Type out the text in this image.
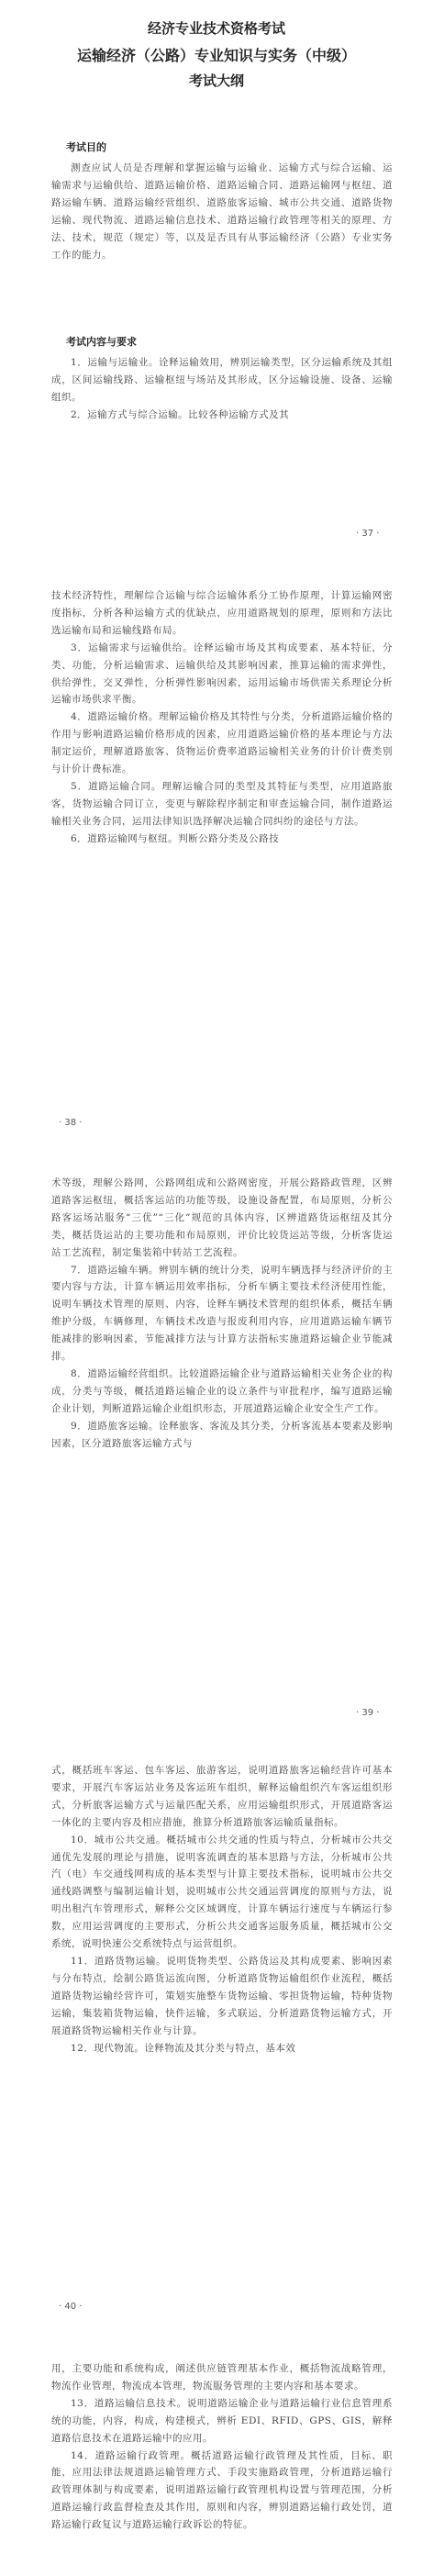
经济专业技术资格考试
运输经济（公路）专业知识与实务（中级）
考试大纲
考试目的

测查应试人员是否理解和掌握运输与运输业、运输方式与综合运输、运输需求与运输供给、道路运输价格、道路运输合同、道路运输网与枢纽、道路运输车辆、道路运输经营组织、道路旅客运输、城市公共交通、道路货物运输、现代物流、道路运输信息技术、道路运输行政管理等相关的原理、方法、技术，规范（规定）等，以及是否具有从事运输经济（公路）专业实务工作的能力。

考试内容与要求

1．运输与运输业。诠释运输效用，辨别运输类型，区分运输系统及其组成，区间运输线路、运输枢纽与场站及其形成，区分运输设施、设备、运输组织。

2．运输方式与综合运输。比较各种运输方式及其

· 37 ·

技术经济特性，理解综合运输与综合运输体系分工协作原理，计算运输网密度指标，分析各种运输方式的优缺点，应用道路规划的原理，原则和方法比选运输布局和运输线路布局。

3．运输需求与运输供给。诠释运输市场及其构成要素、基本特征，分类、功能，分析运输需求、运输供给及其影响因素，推算运输的需求弹性，供给弹性，交叉弹性，分析弹性影响因素，运用运输市场供需关系理论分析运输市场供求平衡。

4．道路运输价格。理解运输价格及其特性与分类，分析道路运输价格的作用与影响道路运输价格形成的因素，应用道路运输价格的基本理论与方法制定运价，理解道路旅客、货物运价费率道路运输相关业务的计价计费类别与计价计费标准。

5．道路运输合同。理解运输合同的类型及其特征与类型，应用道路旅客，货物运输合同订立，变更与解除程序制定和审查运输合同，制作道路运输相关业务合同，运用法律知识选择解决运输合同纠纷的途径与方法。

6．道路运输网与枢纽。判断公路分类及公路技

· 38 ·

术等级，理解公路网，公路网组成和公路网密度，开展公路路政管理，区辨道路客运枢纽，概括客运站的功能等级，设施设备配置，布局原则，分析公路客运场站服务“三优”“三化”规范的具体内容，区辨道路货运枢纽及其分类，概括货运站的主要功能和布局原则，评价比较货运站等级，分析客货运站工艺流程，制定集装箱中转站工艺流程。

7．道路运输车辆。辨别车辆的统计分类，说明车辆选择与经济评价的主要内容与方法，计算车辆运用效率指标，分析车辆主要技术经济使用性能，说明车辆技术管理的原则、内容，诠释车辆技术管理的组织体系，概括车辆维护分级，车辆修理，车辆技术改造与报废利用内容，应用道路运输车辆节能减排的影响因素，节能减排方法与计算方法指标实施道路运输企业节能减排。

8．道路运输经营组织。比较道路运输企业与道路运输相关业务企业的构成，分类与等级，概括道路运输企业的设立条件与审批程序，编写道路运输企业计划，判断道路运输企业组织形态，开展道路运输企业安全生产工作。

9．道路旅客运输。诠释旅客、客流及其分类，分析客流基本要素及影响因素，区分道路旅客运输方式与

· 39 ·

式，概括班车客运、包车客运、旅游客运，说明道路旅客运输经营许可基本要求，开展汽车客运站业务及客运班车组织，解释运输组织汽车客运组织形式，分析旅客运输方式与运量匹配关系，应用运输组织形式，开展道路客运一体化的主要内容及相应措施，推算分析道路旅客运输质量指标。

10．城市公共交通。概括城市公共交通的性质与特点，分析城市公共交通优先发展的理论与措施，说明客流调查的基本思路与方法，分析城市公共汽（电）车交通线网构成的基本类型与计算主要技术指标，说明城市公共交通线路调整与编制运输计划，说明城市公共交通运营调度的原则与方法，说明出租汽车管理形式，解释公交区域调度，计算车辆运行速度与车辆运行参数，应用运营调度的主要形式，分析公共交通客运服务质量，概括城市公交系统，说明快速公交系统特点与运营组织。

11．道路货物运输。说明货物类型、公路货运及其构成要素、影响因素与分布特点，绘制公路货运流向图，分析道路货物运输组织作业流程，概括道路货物运输经营许可，策划实施整车货物运输、零担货物运输，特种货物运输，集装箱货物运输，快件运输，多式联运，分析道路货物运输方式，开展道路货物运输相关作业与计算。

12．现代物流。诠释物流及其分类与特点，基本效

· 40 ·

用，主要功能和系统构成，阐述供应链管理基本作业，概括物流战略管理，物流作业管理，物流成本管理，物流服务管理的主要内容和基本要求。

13．道路运输信息技术。说明道路运输企业与道路运输行业信息管理系统的功能，内容，构成，构建模式，辨析 EDI、RFID、GPS、GIS，解释道路信息技术在道路运输中的应用。

14．道路运输行政管理。概括道路运输行政管理及其性质，目标、职能，应用法律法规道路运输管理方式、手段实施路政管理，分析道路运输行政管理体制与构成要素，说明道路运输行政管理机构设置与管理范围，分析道路运输行政监督检查及其作用，原则和内容，辨别道路运输行政处罚，道路运输行政复议与道路运输行政诉讼的特征。
